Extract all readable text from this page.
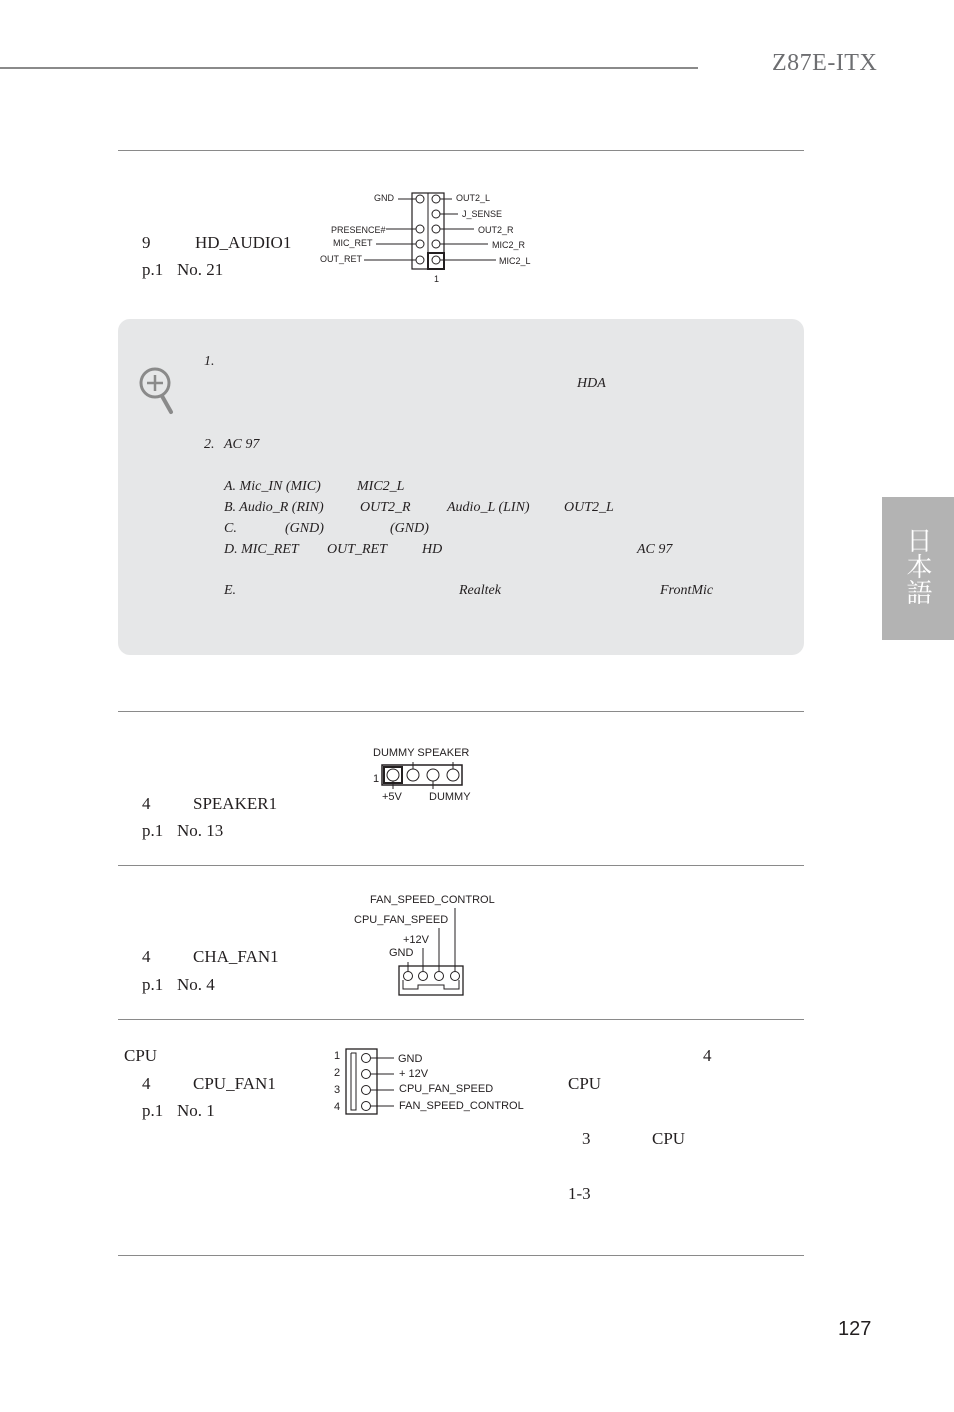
Z87E-ITX
日本語
9	HD_AUDIO1
p.1 No. 21
GND
PRESENCE#
MIC_RET
OUT_RET
OUT2_L
J_SENSE
OUT2_R
MIC2_R
MIC2_L
1
1.
HDA
2. AC 97
A. Mic_IN (MIC)	MIC2_L
B. Audio_R (RIN)	OUT2_R	Audio_L (LIN) OUT2_L
C.	(GND)	(GND)
D. MIC_RET OUT_RET	HD	AC 97
E.	Realtek	FrontMic
4	SPEAKER1
p.1 No. 13
DUMMY SPEAKER
1
+5V DUMMY
4	CHA_FAN1
p.1 No. 4
FAN_SPEED_CONTROL
CPU_FAN_SPEED
+12V
GND
CPU
4	CPU_FAN1
p.1 No. 1
1
2
3
4
GND
+ 12V
CPU_FAN_SPEED
FAN_SPEED_CONTROL
4
CPU
3	CPU
1-3
127
